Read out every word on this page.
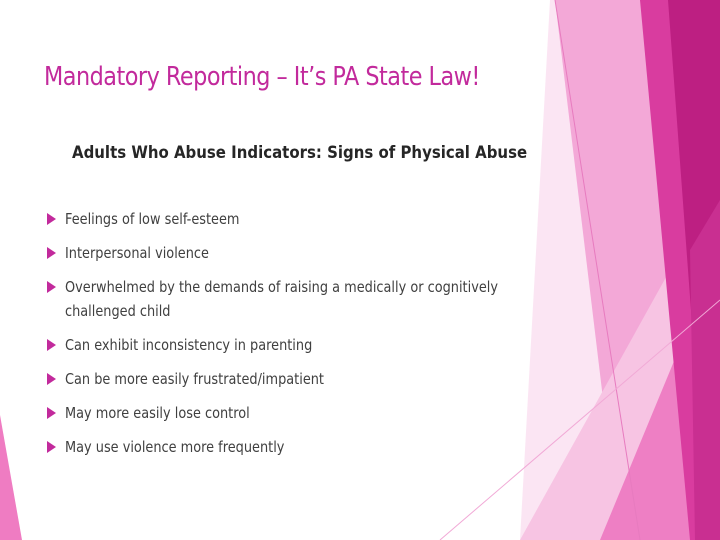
Mandatory Reporting – It’s PA State Law!
Adults Who Abuse Indicators: Signs of Physical Abuse
Feelings of low self-esteem
Interpersonal violence
Overwhelmed by the demands of raising a medically or cognitively challenged child
Can exhibit inconsistency in parenting
Can be more easily frustrated/impatient
May more easily lose control
May use violence more frequently
